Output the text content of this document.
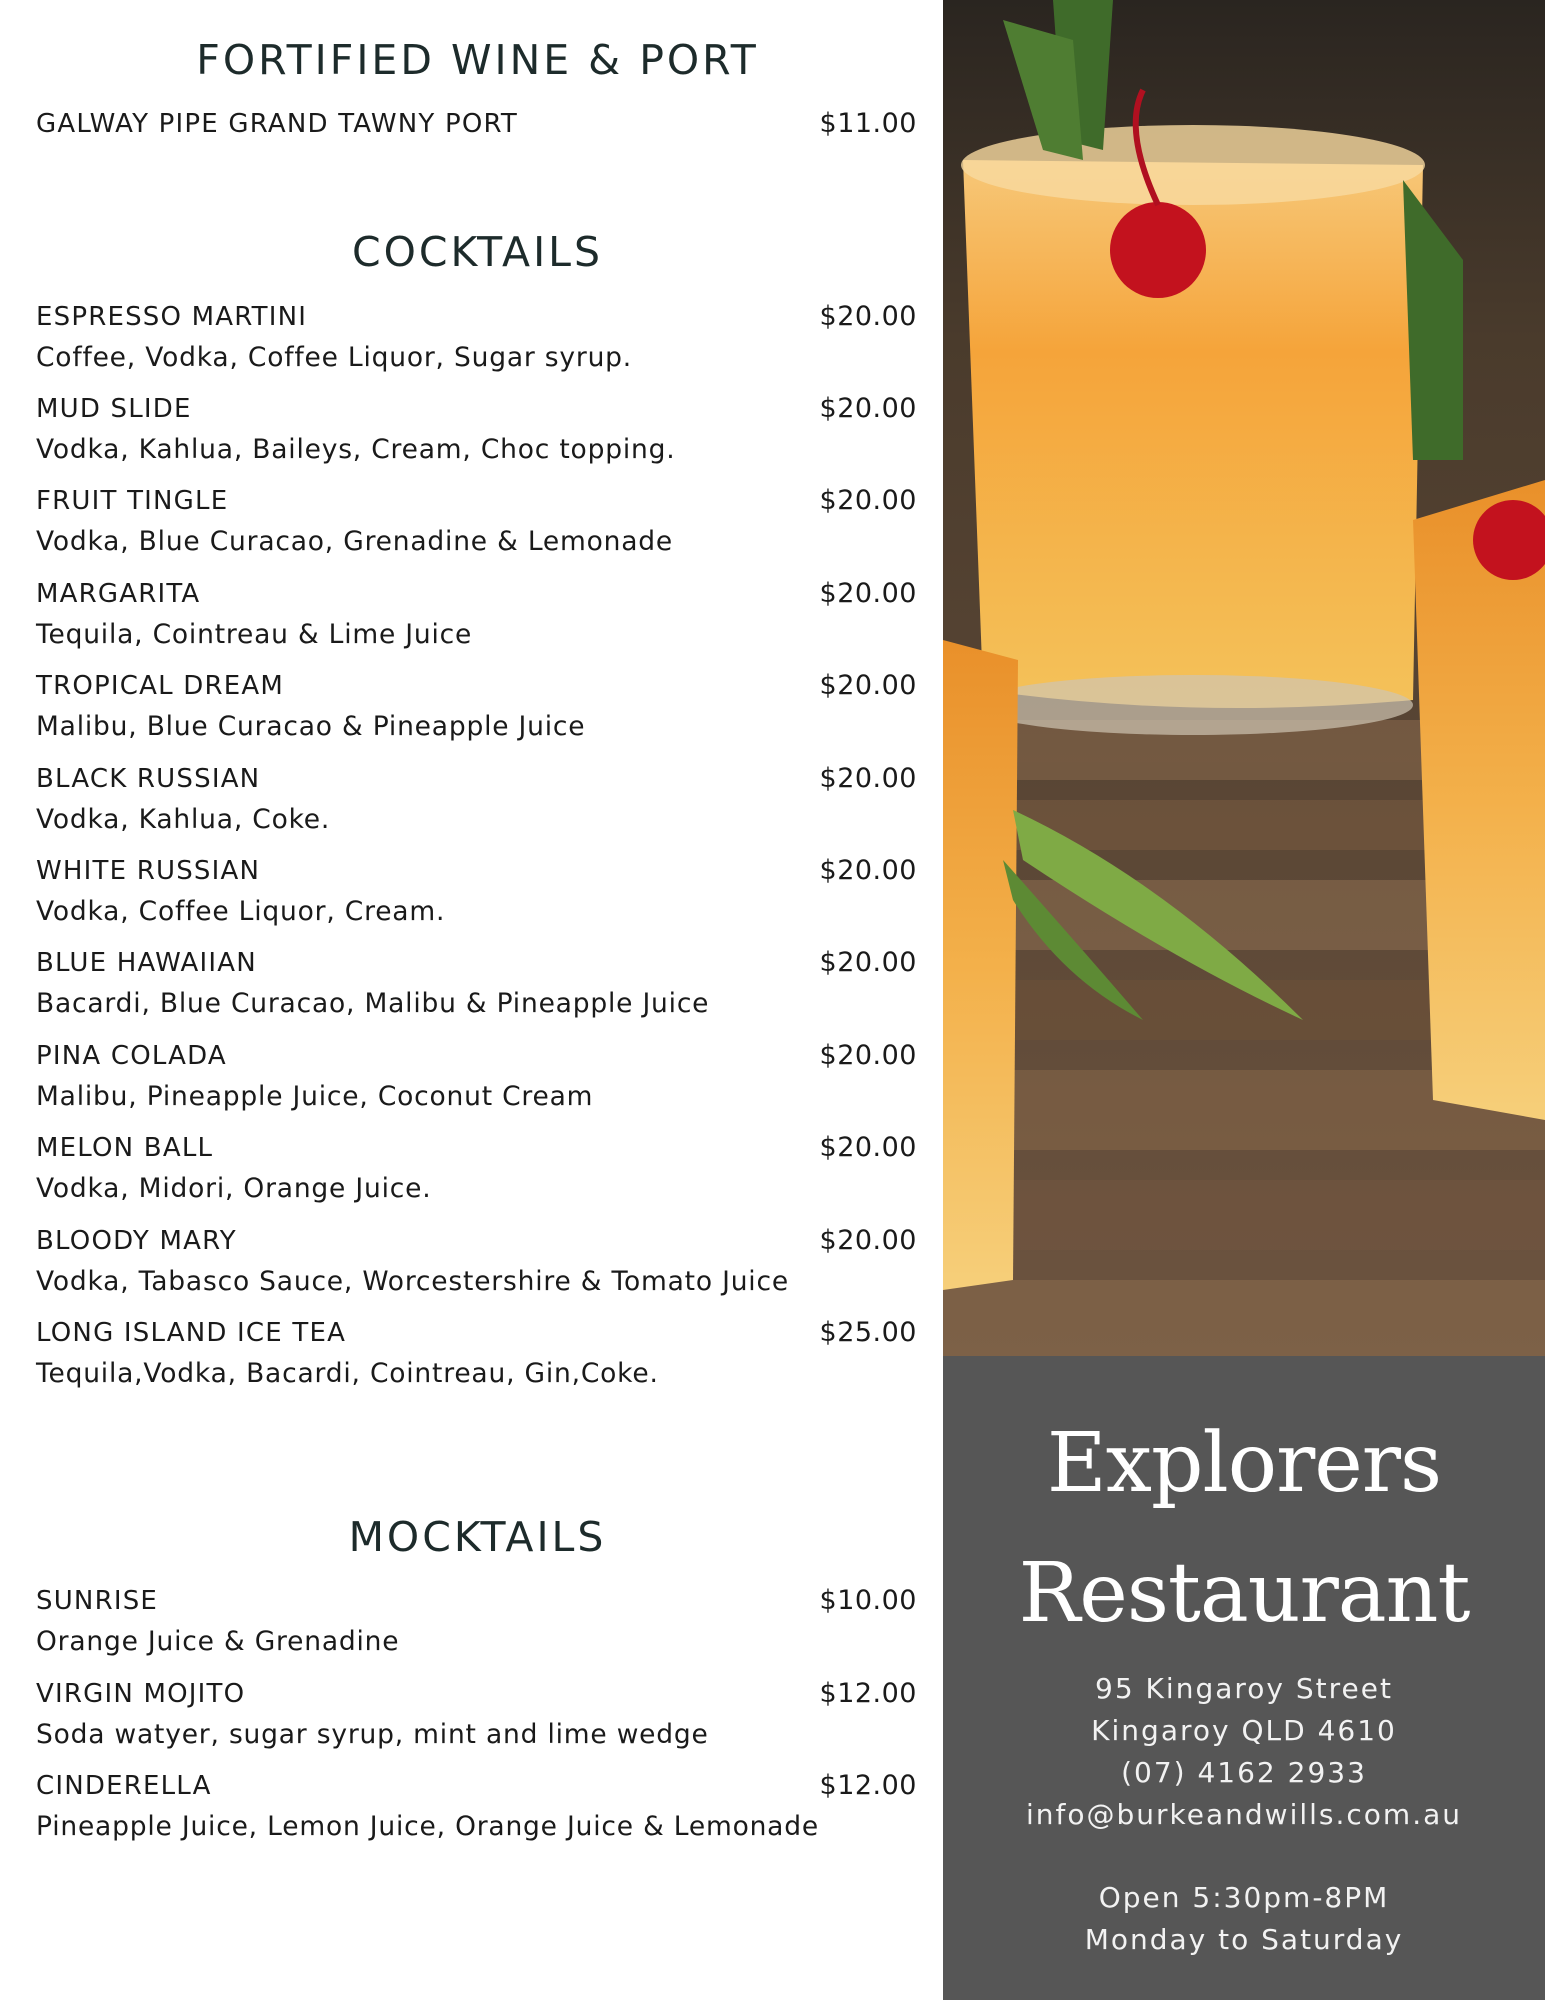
FORTIFIED WINE & PORT
GALWAY PIPE GRAND TAWNY PORT	$11.00
COCKTAILS
ESPRESSO MARTINI	$20.00
Coffee, Vodka, Coffee Liquor, Sugar syrup.
MUD SLIDE	$20.00
Vodka, Kahlua, Baileys, Cream, Choc topping.
FRUIT TINGLE	$20.00
Vodka, Blue Curacao, Grenadine & Lemonade
MARGARITA	$20.00
Tequila, Cointreau & Lime Juice
TROPICAL DREAM	$20.00
Malibu, Blue Curacao & Pineapple Juice
BLACK RUSSIAN	$20.00
Vodka, Kahlua, Coke.
WHITE RUSSIAN	$20.00
Vodka, Coffee Liquor, Cream.
BLUE HAWAIIAN	$20.00
Bacardi, Blue Curacao, Malibu & Pineapple Juice
PINA COLADA	$20.00
Malibu, Pineapple Juice, Coconut Cream
MELON BALL	$20.00
Vodka, Midori, Orange Juice.
BLOODY MARY	$20.00
Vodka, Tabasco Sauce, Worcestershire & Tomato Juice
LONG ISLAND ICE TEA	$25.00
Tequila,Vodka, Bacardi, Cointreau, Gin,Coke.
MOCKTAILS
SUNRISE	$10.00
Orange Juice & Grenadine
VIRGIN MOJITO	$12.00
Soda watyer, sugar syrup, mint and lime wedge
CINDERELLA	$12.00
Pineapple Juice, Lemon Juice, Orange Juice & Lemonade
Explorers
Restaurant
95 Kingaroy Street
Kingaroy QLD 4610
(07) 4162 2933
info@burkeandwills.com.au
Open 5:30pm-8PM
Monday to Saturday
